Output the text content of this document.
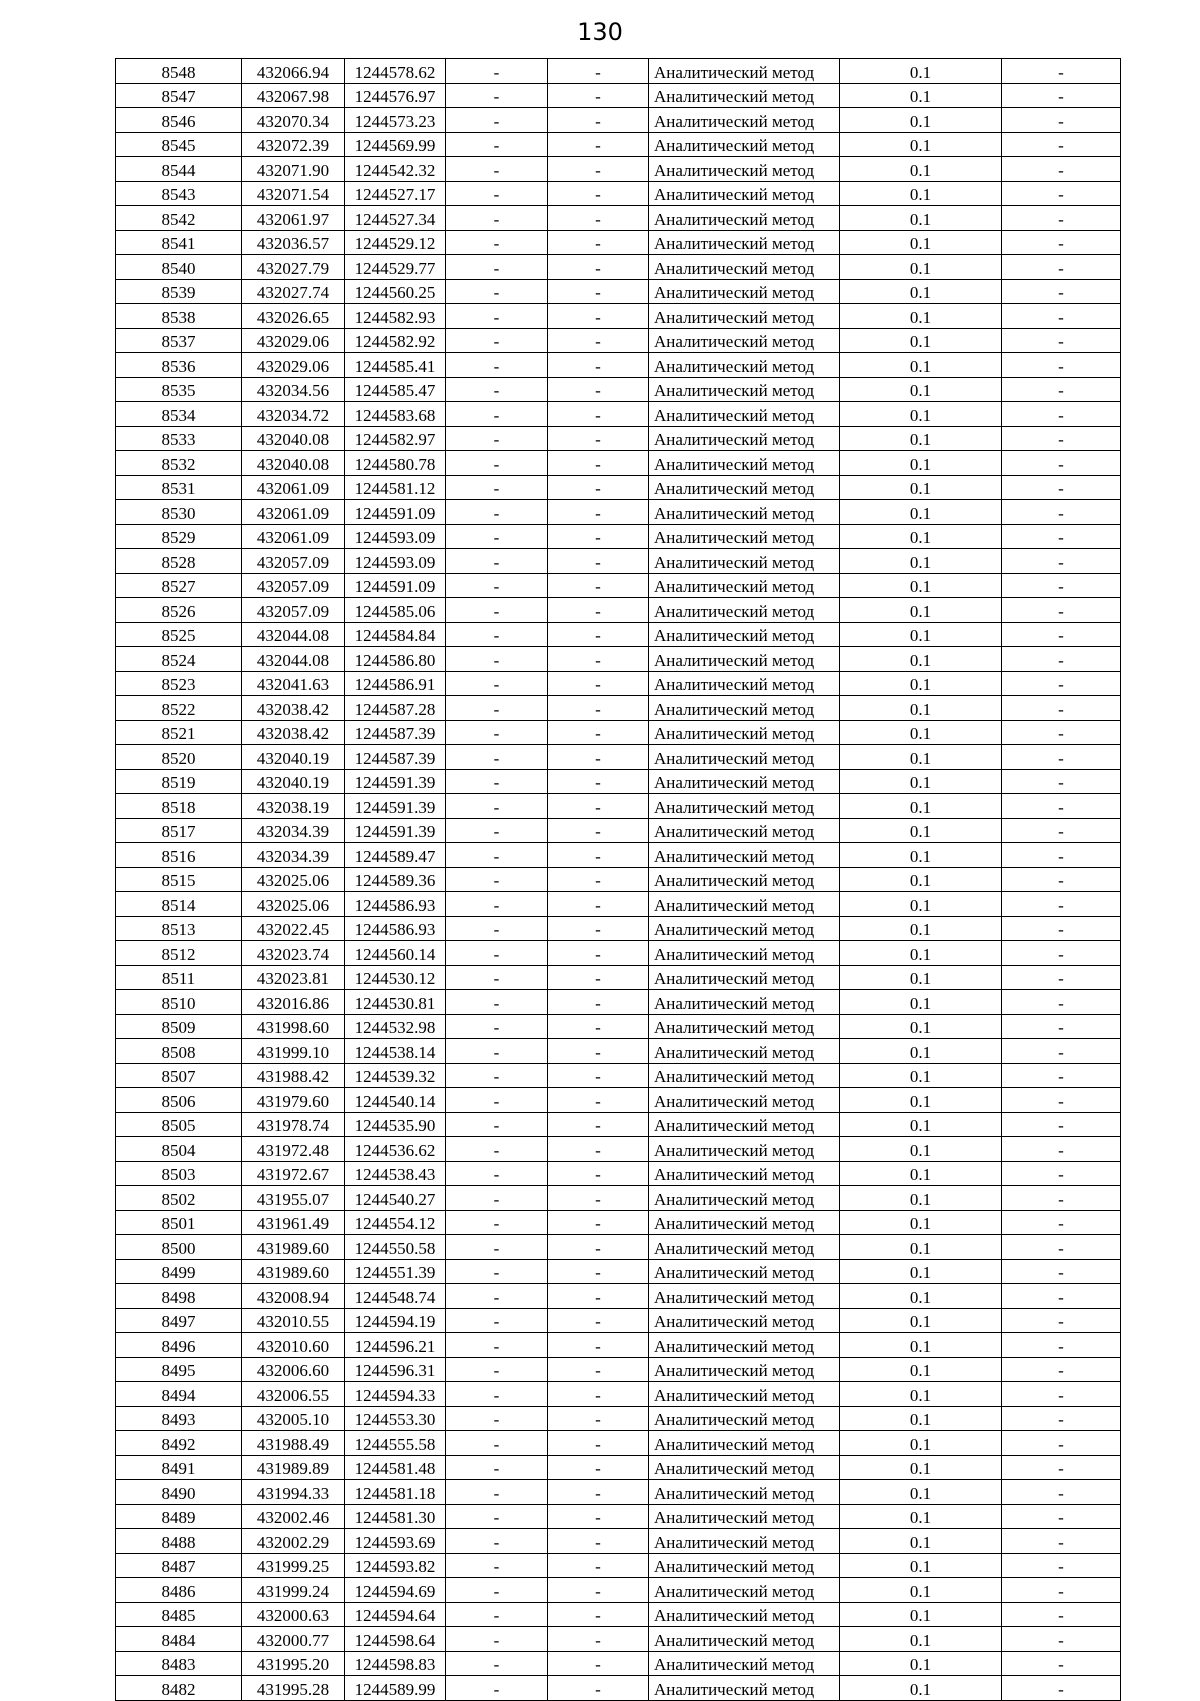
130
8548	432066.94	1244578.62	-	-	Аналитический метод	0.1	-
8547	432067.98	1244576.97	-	-	Аналитический метод	0.1	-
8546	432070.34	1244573.23	-	-	Аналитический метод	0.1	-
8545	432072.39	1244569.99	-	-	Аналитический метод	0.1	-
8544	432071.90	1244542.32	-	-	Аналитический метод	0.1	-
8543	432071.54	1244527.17	-	-	Аналитический метод	0.1	-
8542	432061.97	1244527.34	-	-	Аналитический метод	0.1	-
8541	432036.57	1244529.12	-	-	Аналитический метод	0.1	-
8540	432027.79	1244529.77	-	-	Аналитический метод	0.1	-
8539	432027.74	1244560.25	-	-	Аналитический метод	0.1	-
8538	432026.65	1244582.93	-	-	Аналитический метод	0.1	-
8537	432029.06	1244582.92	-	-	Аналитический метод	0.1	-
8536	432029.06	1244585.41	-	-	Аналитический метод	0.1	-
8535	432034.56	1244585.47	-	-	Аналитический метод	0.1	-
8534	432034.72	1244583.68	-	-	Аналитический метод	0.1	-
8533	432040.08	1244582.97	-	-	Аналитический метод	0.1	-
8532	432040.08	1244580.78	-	-	Аналитический метод	0.1	-
8531	432061.09	1244581.12	-	-	Аналитический метод	0.1	-
8530	432061.09	1244591.09	-	-	Аналитический метод	0.1	-
8529	432061.09	1244593.09	-	-	Аналитический метод	0.1	-
8528	432057.09	1244593.09	-	-	Аналитический метод	0.1	-
8527	432057.09	1244591.09	-	-	Аналитический метод	0.1	-
8526	432057.09	1244585.06	-	-	Аналитический метод	0.1	-
8525	432044.08	1244584.84	-	-	Аналитический метод	0.1	-
8524	432044.08	1244586.80	-	-	Аналитический метод	0.1	-
8523	432041.63	1244586.91	-	-	Аналитический метод	0.1	-
8522	432038.42	1244587.28	-	-	Аналитический метод	0.1	-
8521	432038.42	1244587.39	-	-	Аналитический метод	0.1	-
8520	432040.19	1244587.39	-	-	Аналитический метод	0.1	-
8519	432040.19	1244591.39	-	-	Аналитический метод	0.1	-
8518	432038.19	1244591.39	-	-	Аналитический метод	0.1	-
8517	432034.39	1244591.39	-	-	Аналитический метод	0.1	-
8516	432034.39	1244589.47	-	-	Аналитический метод	0.1	-
8515	432025.06	1244589.36	-	-	Аналитический метод	0.1	-
8514	432025.06	1244586.93	-	-	Аналитический метод	0.1	-
8513	432022.45	1244586.93	-	-	Аналитический метод	0.1	-
8512	432023.74	1244560.14	-	-	Аналитический метод	0.1	-
8511	432023.81	1244530.12	-	-	Аналитический метод	0.1	-
8510	432016.86	1244530.81	-	-	Аналитический метод	0.1	-
8509	431998.60	1244532.98	-	-	Аналитический метод	0.1	-
8508	431999.10	1244538.14	-	-	Аналитический метод	0.1	-
8507	431988.42	1244539.32	-	-	Аналитический метод	0.1	-
8506	431979.60	1244540.14	-	-	Аналитический метод	0.1	-
8505	431978.74	1244535.90	-	-	Аналитический метод	0.1	-
8504	431972.48	1244536.62	-	-	Аналитический метод	0.1	-
8503	431972.67	1244538.43	-	-	Аналитический метод	0.1	-
8502	431955.07	1244540.27	-	-	Аналитический метод	0.1	-
8501	431961.49	1244554.12	-	-	Аналитический метод	0.1	-
8500	431989.60	1244550.58	-	-	Аналитический метод	0.1	-
8499	431989.60	1244551.39	-	-	Аналитический метод	0.1	-
8498	432008.94	1244548.74	-	-	Аналитический метод	0.1	-
8497	432010.55	1244594.19	-	-	Аналитический метод	0.1	-
8496	432010.60	1244596.21	-	-	Аналитический метод	0.1	-
8495	432006.60	1244596.31	-	-	Аналитический метод	0.1	-
8494	432006.55	1244594.33	-	-	Аналитический метод	0.1	-
8493	432005.10	1244553.30	-	-	Аналитический метод	0.1	-
8492	431988.49	1244555.58	-	-	Аналитический метод	0.1	-
8491	431989.89	1244581.48	-	-	Аналитический метод	0.1	-
8490	431994.33	1244581.18	-	-	Аналитический метод	0.1	-
8489	432002.46	1244581.30	-	-	Аналитический метод	0.1	-
8488	432002.29	1244593.69	-	-	Аналитический метод	0.1	-
8487	431999.25	1244593.82	-	-	Аналитический метод	0.1	-
8486	431999.24	1244594.69	-	-	Аналитический метод	0.1	-
8485	432000.63	1244594.64	-	-	Аналитический метод	0.1	-
8484	432000.77	1244598.64	-	-	Аналитический метод	0.1	-
8483	431995.20	1244598.83	-	-	Аналитический метод	0.1	-
8482	431995.28	1244589.99	-	-	Аналитический метод	0.1	-
